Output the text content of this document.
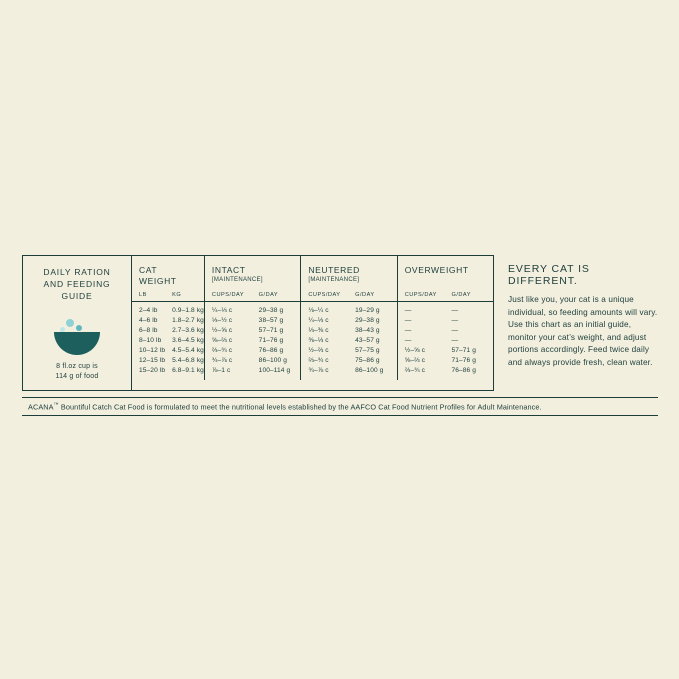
DAILY RATION
AND FEEDING GUIDE
8 fl.oz cup is
114 g of food
CAT
WEIGHT		INTACT
[MAINTENANCE]		NEUTERED
[MAINTENANCE]		OVERWEIGHT	

LB	KG	CUPS/DAY	G/DAY	CUPS/DAY	G/DAY	CUPS/DAY	G/DAY
2–4 lb	0.9–1.8 kg	¼–⅓ c	29–38 g	⅛–¼ c	19–29 g	—	—
4–6 lb	1.8–2.7 kg	⅓–½ c	38–57 g	¼–⅓ c	29–38 g	—	—
6–8 lb	2.7–3.6 kg	½–⅝ c	57–71 g	⅓–⅜ c	38–43 g	—	—
8–10 lb	3.6–4.5 kg	⅝–⅔ c	71–76 g	⅜–⅓ c	43–57 g	—	—
10–12 lb	4.5–5.4 kg	⅔–¾ c	76–86 g	½–⅔ c	57–75 g	½–⅝ c	57–71 g
12–15 lb	5.4–6.8 kg	¾–⅞ c	86–100 g	⅔–¾ c	75–86 g	⅝–⅔ c	71–76 g
15–20 lb	6.8–9.1 kg	⅞–1 c	100–114 g	¾–⅞ c	86–100 g	⅔–¾ c	76–86 g
EVERY CAT IS DIFFERENT.

Just like you, your cat is a unique individual, so feeding amounts will vary. Use this chart as an initial guide, monitor your cat’s weight, and adjust portions accordingly. Feed twice daily and always provide fresh, clean water.

ACANA™ Bountiful Catch Cat Food is formulated to meet the nutritional levels established by the AAFCO Cat Food Nutrient Profiles for Adult Maintenance.
